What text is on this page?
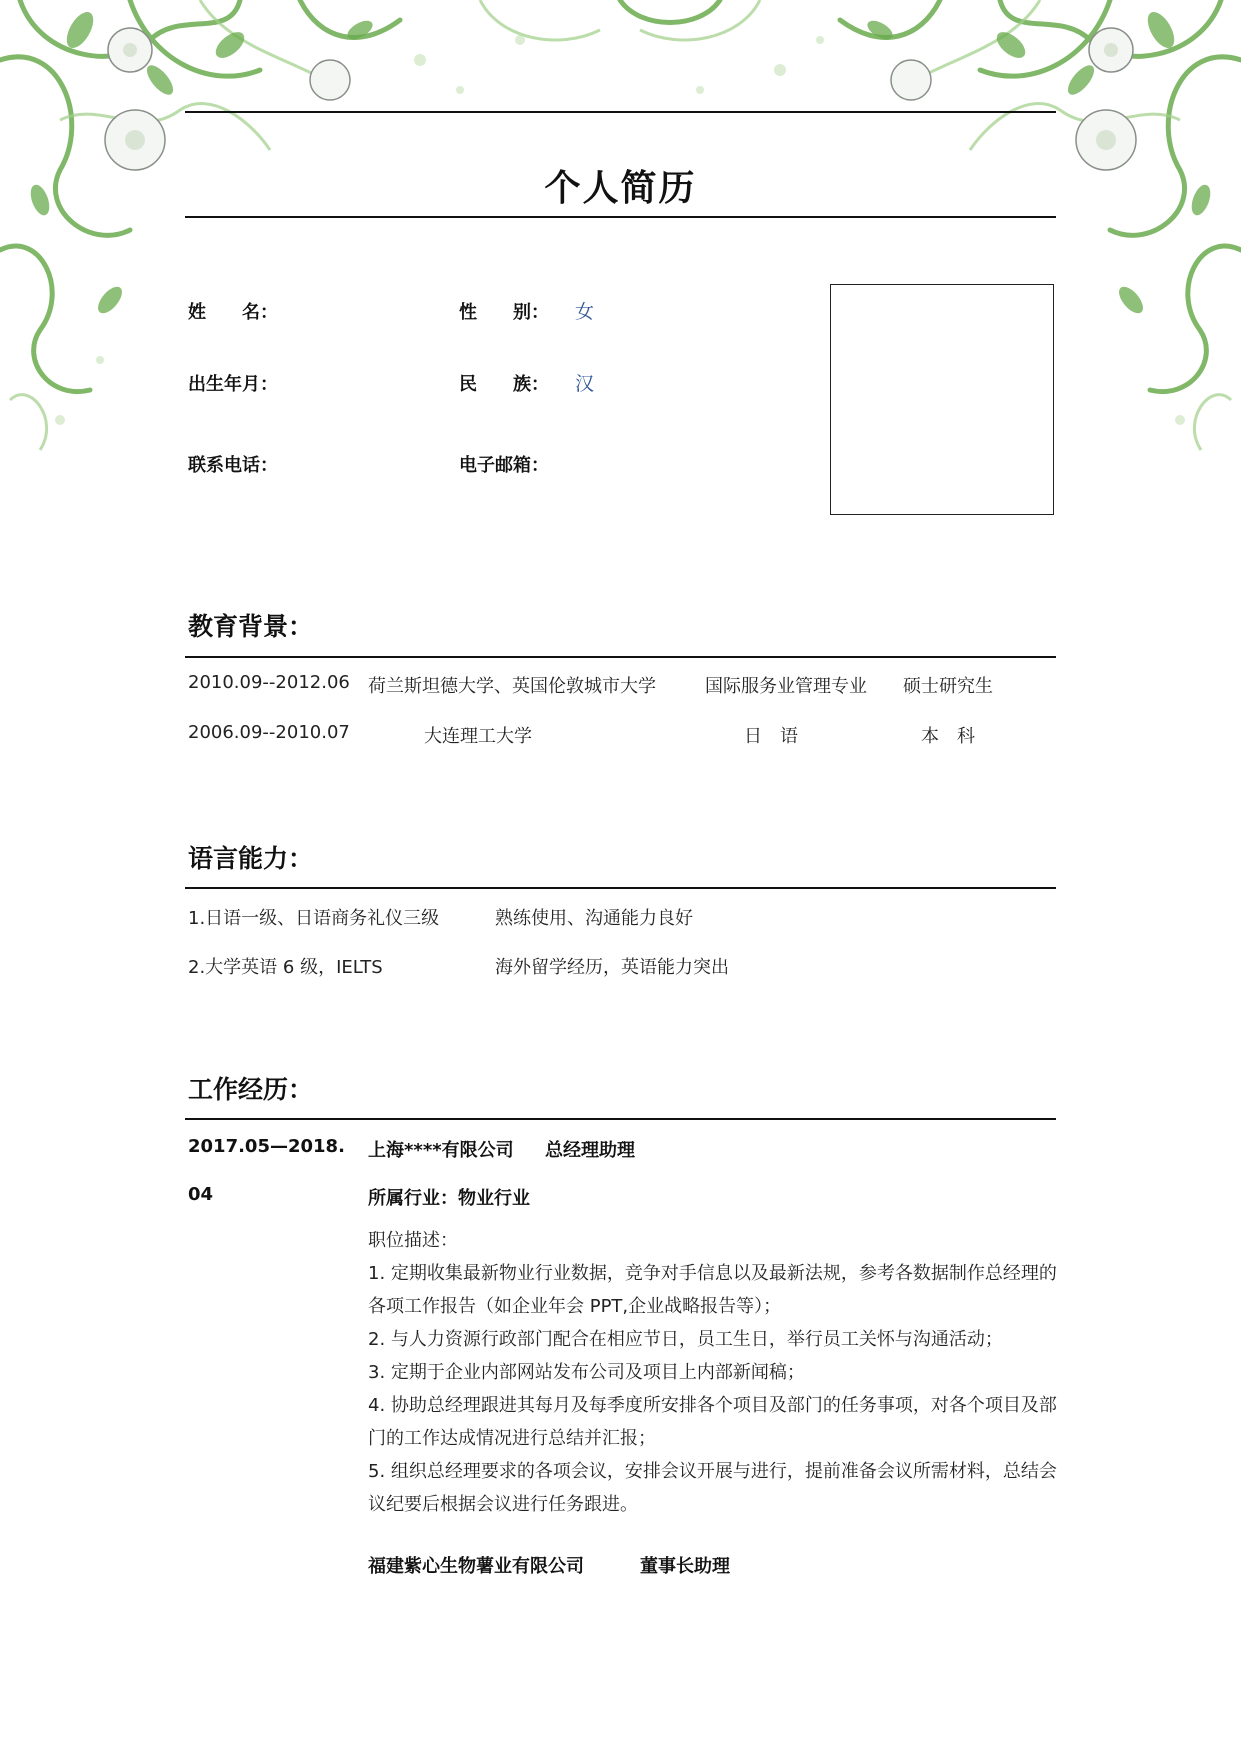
个人简历
姓　　名：	性　　别： 女
出生年月：	民　　族： 汉
联系电话：	电子邮箱：
教育背景：
2010.09--2012.06 荷兰斯坦德大学、英国伦敦城市大学	国际服务业管理专业 硕士研究生
2006.09--2010.07	大连理工大学	日　语	本　科
语言能力：
1.日语一级、日语商务礼仪三级	熟练使用、沟通能力良好
2.大学英语 6 级，IELTS	海外留学经历，英语能力突出
工作经历：
2017.05—2018.
04
上海****有限公司 总经理助理
所属行业：物业行业

职位描述：

1. 定期收集最新物业行业数据，竞争对手信息以及最新法规，参考各数据制作总经理的各项工作报告（如企业年会 PPT,企业战略报告等）；

2. 与人力资源行政部门配合在相应节日，员工生日，举行员工关怀与沟通活动；

3. 定期于企业内部网站发布公司及项目上内部新闻稿；

4. 协助总经理跟进其每月及每季度所安排各个项目及部门的任务事项，对各个项目及部门的工作达成情况进行总结并汇报；

5. 组织总经理要求的各项会议，安排会议开展与进行，提前准备会议所需材料，总结会议纪要后根据会议进行任务跟进。

福建紫心生物薯业有限公司	董事长助理
